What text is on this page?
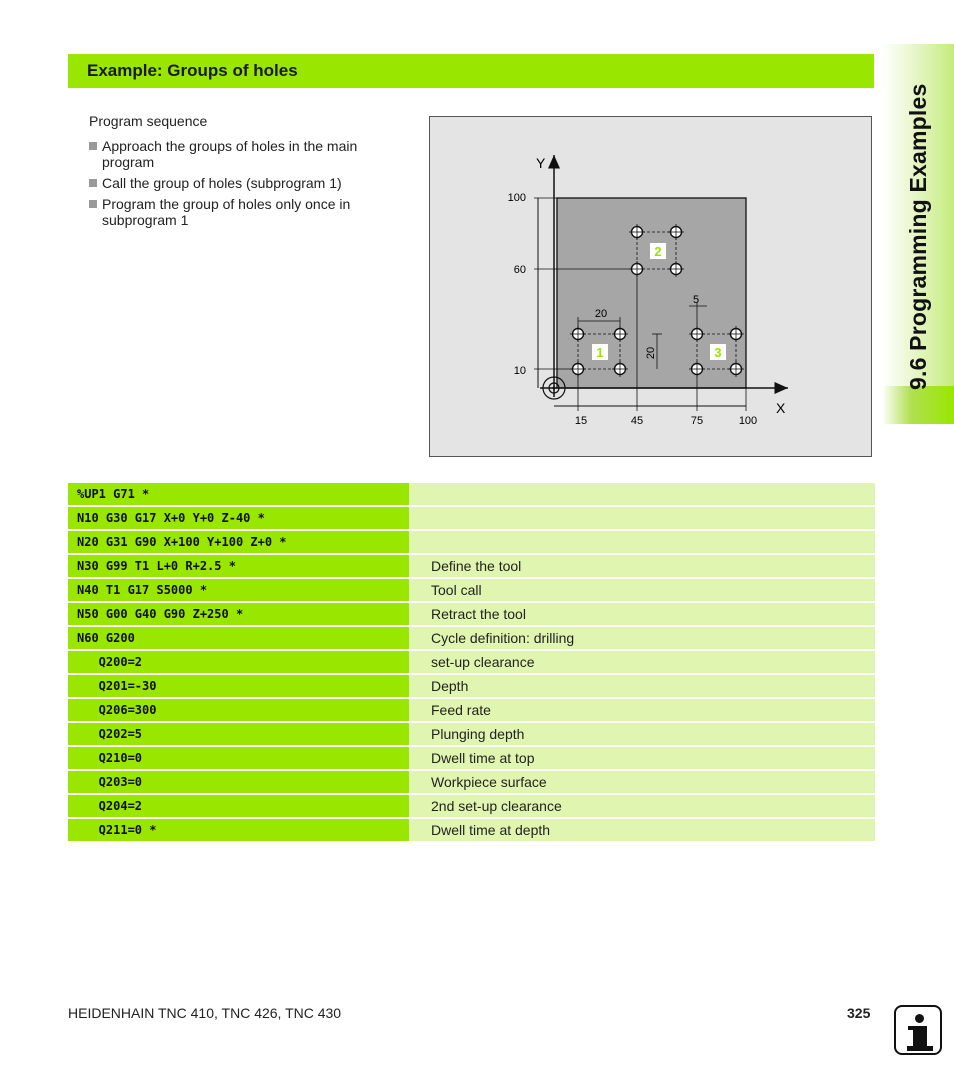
Example: Groups of holes
9.6 Programming Examples
Program sequence
Approach the groups of holes in the main program
Call the group of holes (subprogram 1)
Program the group of holes only once in subprogram 1
Y
X
100
60
10
15	45	75	100
20
20
5
1
2
3
%UP1 G71 *
N10 G30 G17 X+0 Y+0 Z-40 *
N20 G31 G90 X+100 Y+100 Z+0 *
N30 G99 T1 L+0 R+2.5 *	Define the tool
N40 T1 G17 S5000 *	Tool call
N50 G00 G40 G90 Z+250 *	Retract the tool
N60 G200	Cycle definition: drilling
Q200=2	set-up clearance
Q201=-30	Depth
Q206=300	Feed rate
Q202=5	Plunging depth
Q210=0	Dwell time at top
Q203=0	Workpiece surface
Q204=2	2nd set-up clearance
Q211=0 *	Dwell time at depth
HEIDENHAIN TNC 410, TNC 426, TNC 430	325
